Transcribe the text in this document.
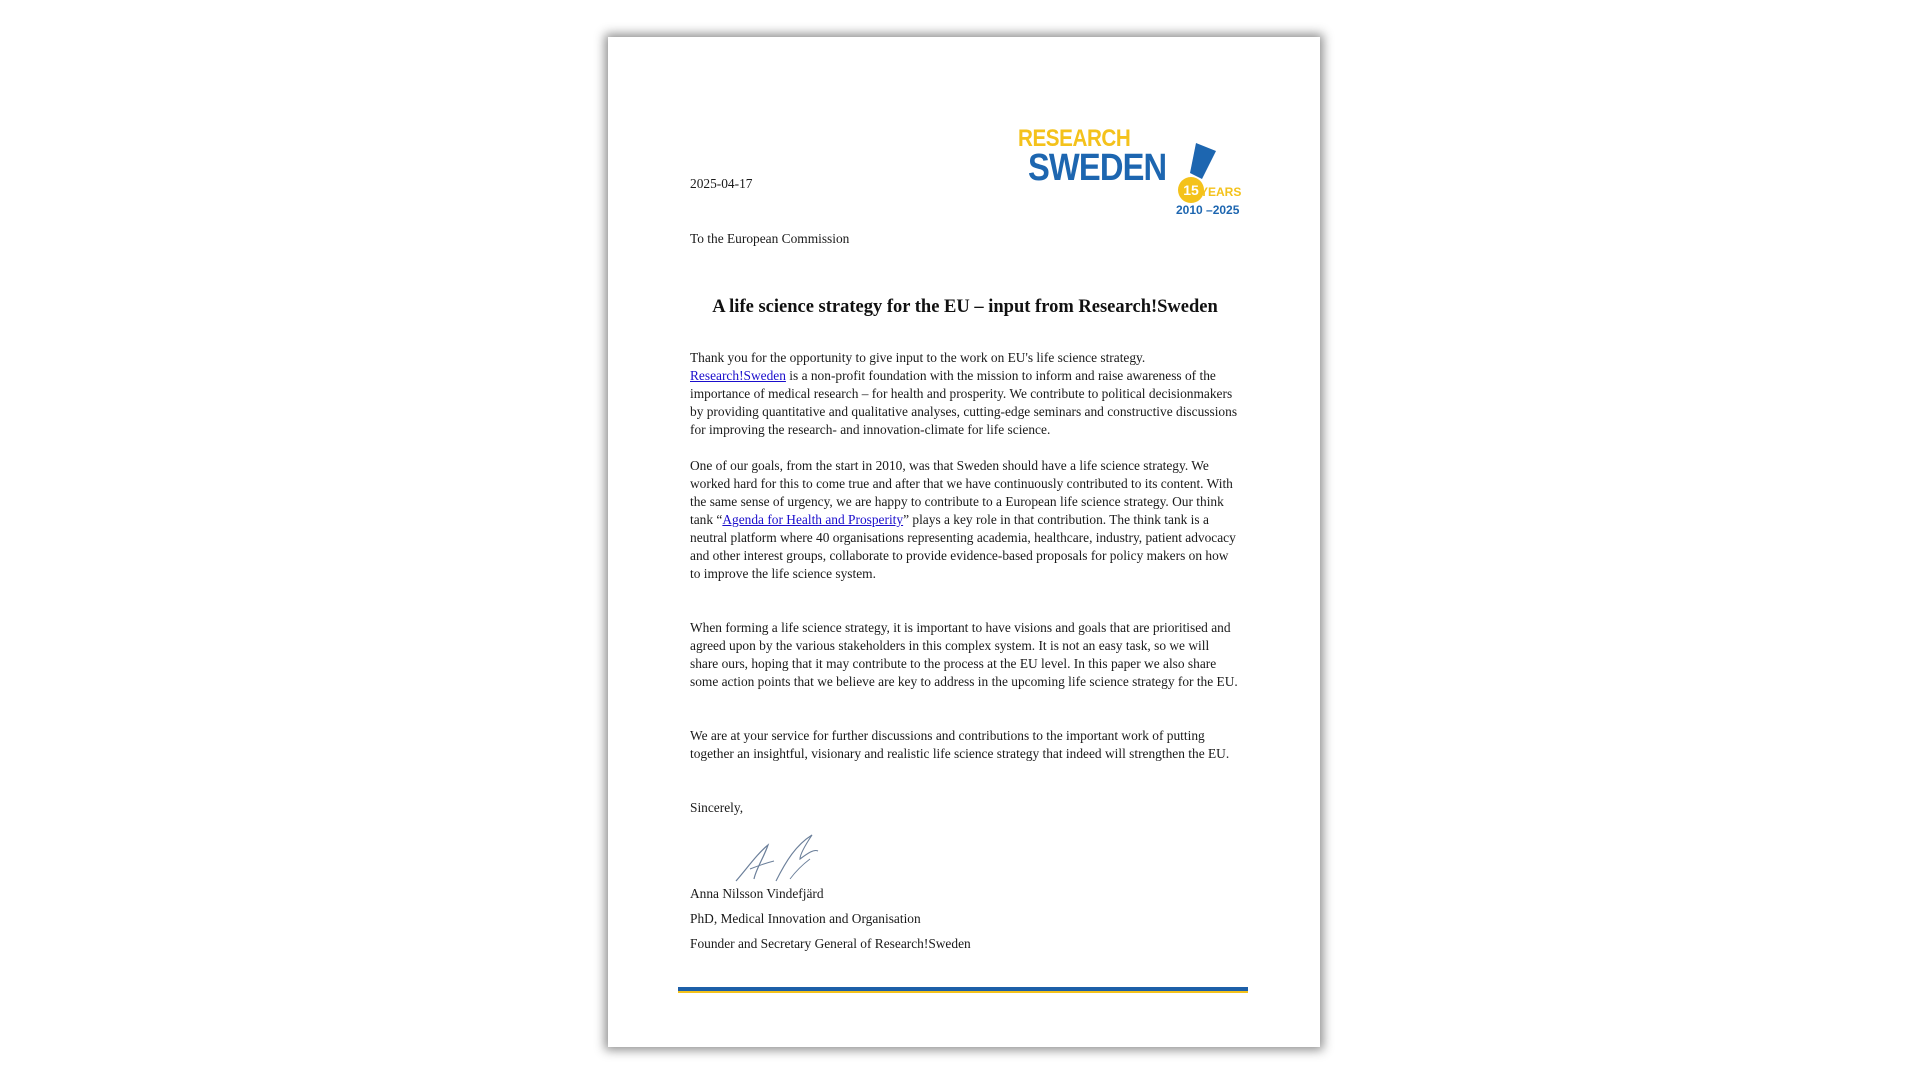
RESEARCH
SWEDEN
15 YEARS
2010 –2025
2025-04-17
To the European Commission
A life science strategy for the EU – input from Research!Sweden

Thank you for the opportunity to give input to the work on EU's life science strategy.
Research!Sweden is a non-profit foundation with the mission to inform and raise awareness of the importance of medical research – for health and prosperity. We contribute to political decisionmakers by providing quantitative and qualitative analyses, cutting-edge seminars and constructive discussions for improving the research- and innovation-climate for life science.

One of our goals, from the start in 2010, was that Sweden should have a life science strategy. We worked hard for this to come true and after that we have continuously contributed to its content. With the same sense of urgency, we are happy to contribute to a European life science strategy. Our think tank “Agenda for Health and Prosperity” plays a key role in that contribution. The think tank is a neutral platform where 40 organisations representing academia, healthcare, industry, patient advocacy and other interest groups, collaborate to provide evidence-based proposals for policy makers on how to improve the life science system.

When forming a life science strategy, it is important to have visions and goals that are prioritised and agreed upon by the various stakeholders in this complex system. It is not an easy task, so we will share ours, hoping that it may contribute to the process at the EU level. In this paper we also share some action points that we believe are key to address in the upcoming life science strategy for the EU.
We are at your service for further discussions and contributions to the important work of putting together an insightful, visionary and realistic life science strategy that indeed will strengthen the EU.
Sincerely,
Anna Nilsson Vindefjärd
PhD, Medical Innovation and Organisation
Founder and Secretary General of Research!Sweden
